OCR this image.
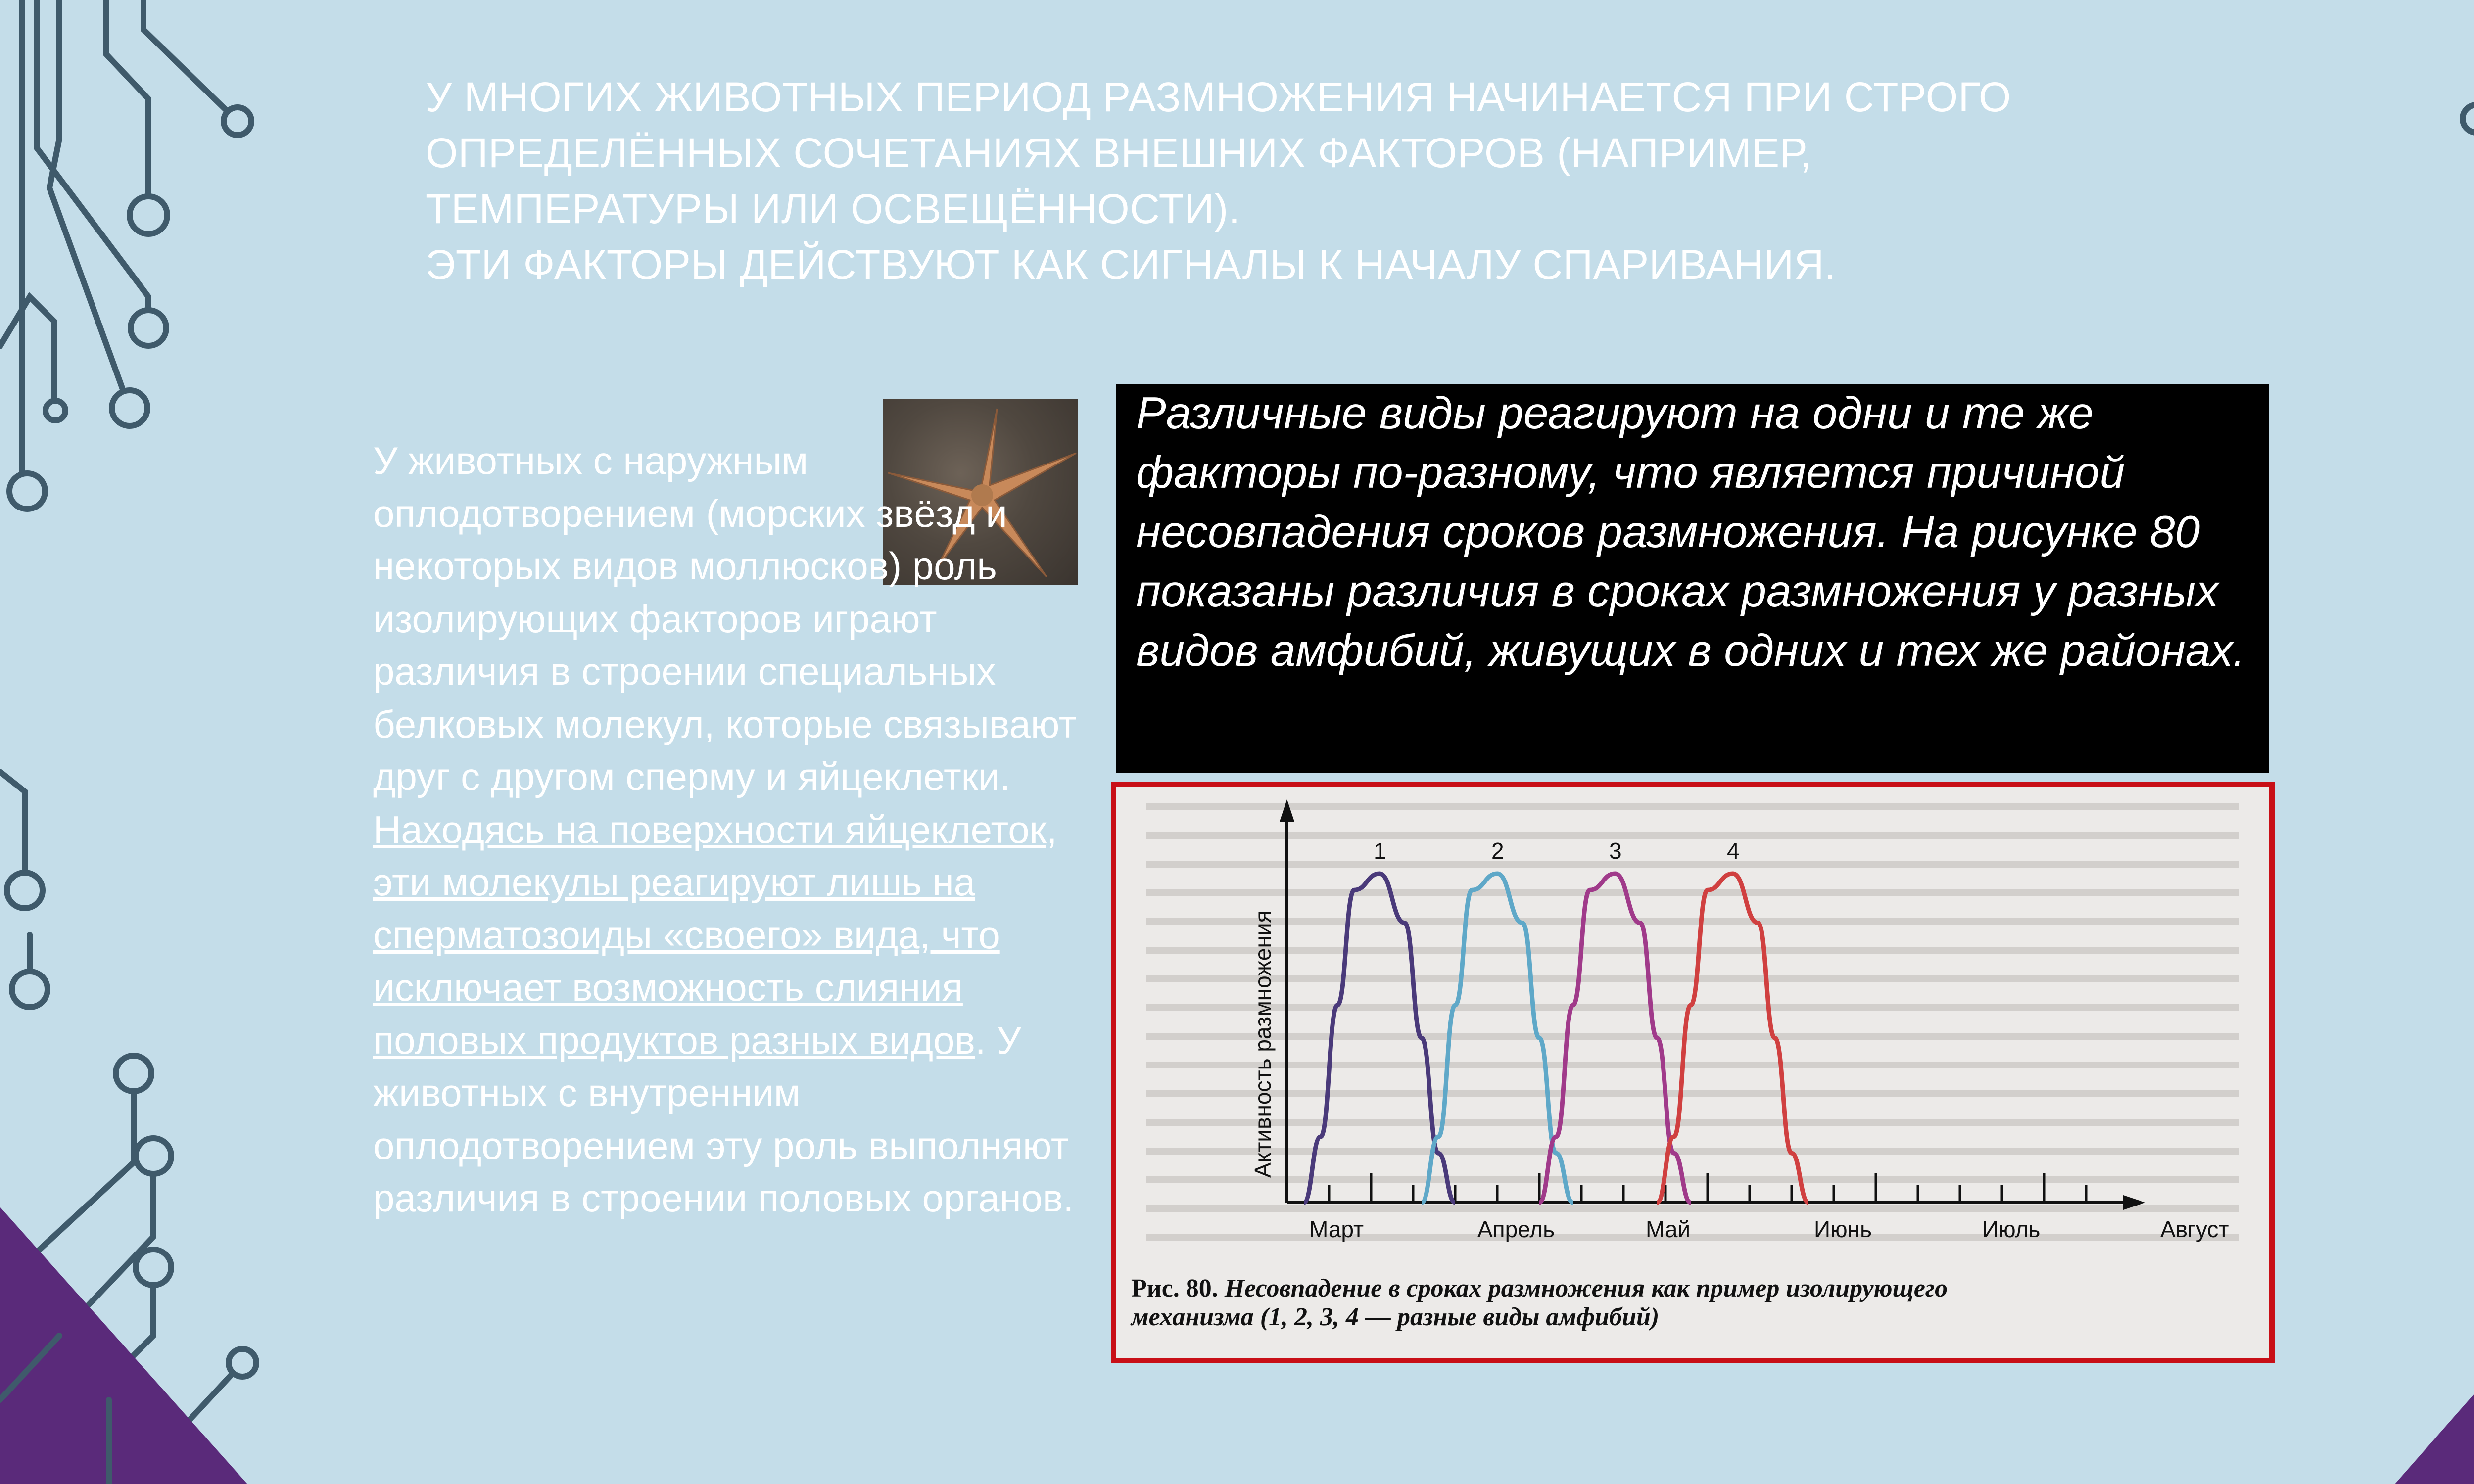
У МНОГИХ ЖИВОТНЫХ ПЕРИОД РАЗМНОЖЕНИЯ НАЧИНАЕТСЯ ПРИ СТРОГО
ОПРЕДЕЛЁННЫХ СОЧЕТАНИЯХ ВНЕШНИХ ФАКТОРОВ (НАПРИМЕР,
ТЕМПЕРАТУРЫ ИЛИ ОСВЕЩЁННОСТИ).
ЭТИ ФАКТОРЫ ДЕЙСТВУЮТ КАК СИГНАЛЫ К НАЧАЛУ СПАРИВАНИЯ.
У животных с наружным оплодотворением (морских звёзд и некоторых видов моллюсков) роль изолирующих факторов играют различия в строении специальных белковых молекул, которые связывают друг с другом сперму и яйцеклетки. Находясь на поверхности яйцеклеток, эти молекулы реагируют лишь на сперматозоиды «своего» вида, что исключает возможность слияния половых продуктов разных видов. У животных с внутренним оплодотворением эту роль выполняют различия в строении половых органов.
Различные виды реагируют на одни и те же факторы по-разному, что является причиной несовпадения сроков размножения. На рисунке 80 показаны различия в сроках размножения у разных видов амфибий, живущих в одних и тех же районах.
1	2	3	4
Март	Апрель	Май	Июнь	Июль	Август
Активность размножения
Рис. 80. Несовпадение в сроках размножения как пример изолирующего
механизма (1, 2, 3, 4 — разные виды амфибий)
